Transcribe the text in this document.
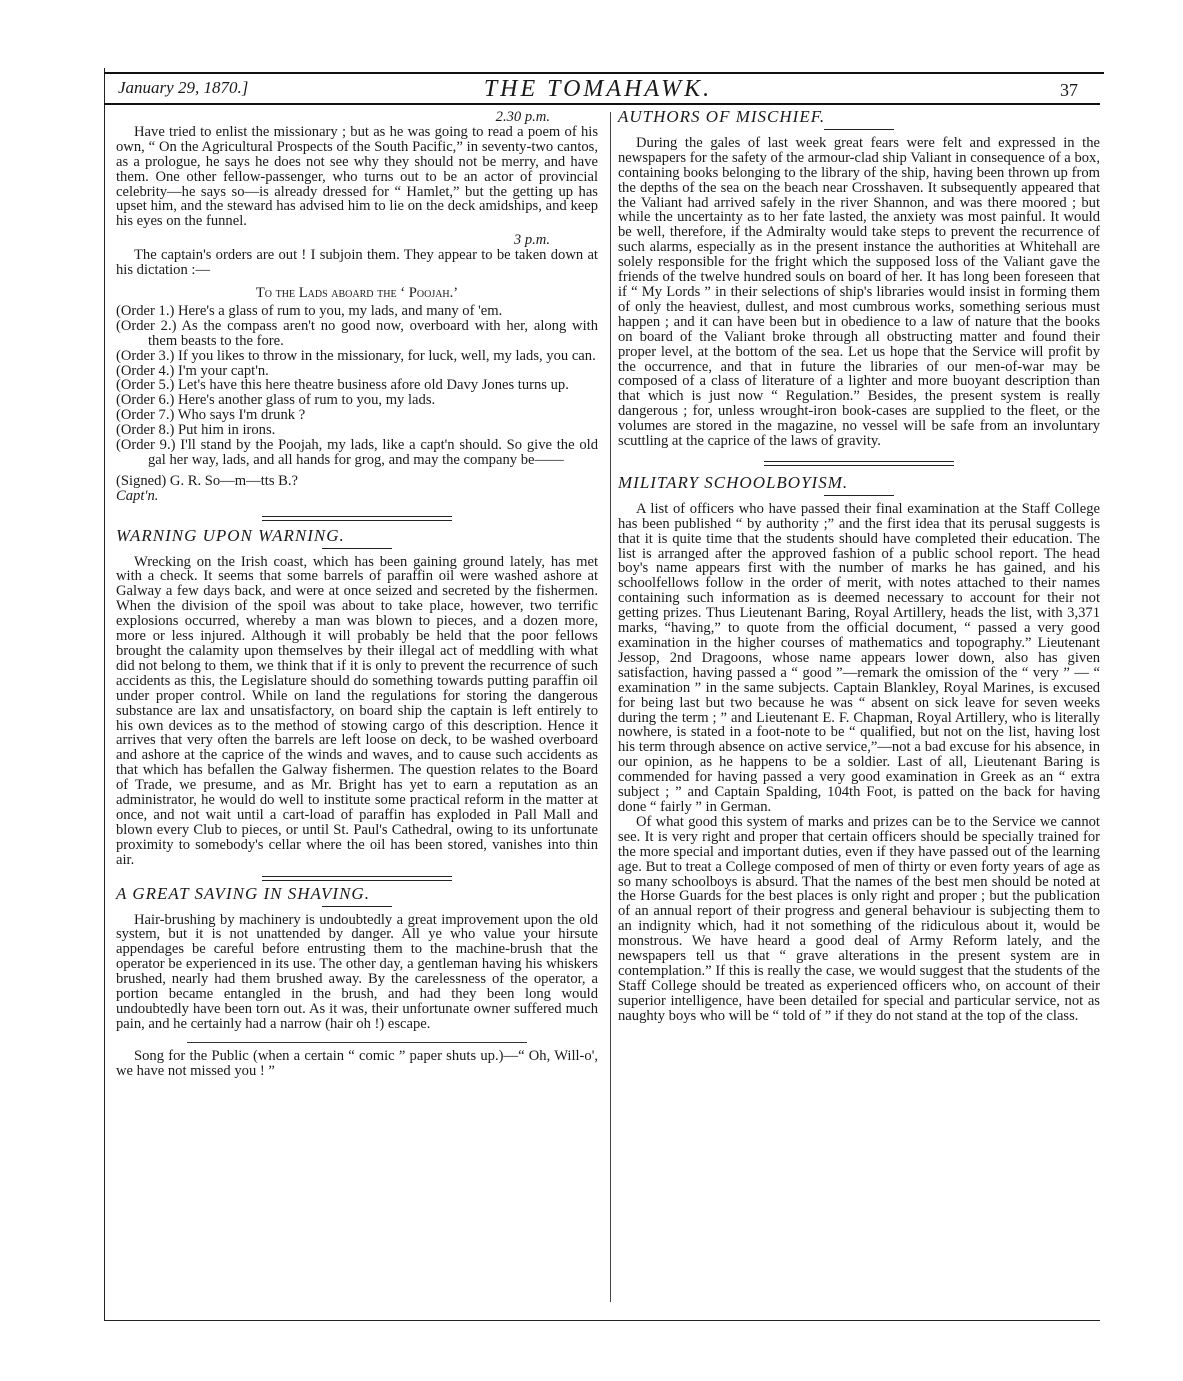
January 29, 1870.]	THE TOMAHAWK.	37

2.30 p.m.

Have tried to enlist the missionary ; but as he was going to read a poem of his own, “ On the Agricultural Prospects of the South Pacific,” in seventy-two cantos, as a prologue, he says he does not see why they should not be merry, and have them. One other fellow-passenger, who turns out to be an actor of provincial celebrity—he says so—is already dressed for “ Hamlet,” but the getting up has upset him, and the steward has advised him to lie on the deck amidships, and keep his eyes on the funnel.

3 p.m.

The captain's orders are out ! I subjoin them. They appear to be taken down at his dictation :—

To the Lads aboard the ‘ Poojah.’

(Order 1.) Here's a glass of rum to you, my lads, and many of 'em.

(Order 2.) As the compass aren't no good now, overboard with her, along with them beasts to the fore.

(Order 3.) If you likes to throw in the missionary, for luck, well, my lads, you can.

(Order 4.) I'm your capt'n.

(Order 5.) Let's have this here theatre business afore old Davy Jones turns up.

(Order 6.) Here's another glass of rum to you, my lads.

(Order 7.) Who says I'm drunk ?

(Order 8.) Put him in irons.

(Order 9.) I'll stand by the Poojah, my lads, like a capt'n should. So give the old gal her way, lads, and all hands for grog, and may the company be——

(Signed) G. R. So—m—tts B.?

Capt'n.

WARNING UPON WARNING.

Wrecking on the Irish coast, which has been gaining ground lately, has met with a check. It seems that some barrels of paraffin oil were washed ashore at Galway a few days back, and were at once seized and secreted by the fishermen. When the division of the spoil was about to take place, however, two terrific explosions occurred, whereby a man was blown to pieces, and a dozen more, more or less injured. Although it will probably be held that the poor fellows brought the calamity upon themselves by their illegal act of meddling with what did not belong to them, we think that if it is only to prevent the recurrence of such accidents as this, the Legislature should do something towards putting paraffin oil under proper control. While on land the regulations for storing the dangerous substance are lax and unsatisfactory, on board ship the captain is left entirely to his own devices as to the method of stowing cargo of this description. Hence it arrives that very often the barrels are left loose on deck, to be washed overboard and ashore at the caprice of the winds and waves, and to cause such accidents as that which has befallen the Galway fishermen. The question relates to the Board of Trade, we presume, and as Mr. Bright has yet to earn a reputation as an administrator, he would do well to institute some practical reform in the matter at once, and not wait until a cart-load of paraffin has exploded in Pall Mall and blown every Club to pieces, or until St. Paul's Cathedral, owing to its unfortunate proximity to somebody's cellar where the oil has been stored, vanishes into thin air.

A GREAT SAVING IN SHAVING.

Hair-brushing by machinery is undoubtedly a great improvement upon the old system, but it is not unattended by danger. All ye who value your hirsute appendages be careful before entrusting them to the machine-brush that the operator be experienced in its use. The other day, a gentleman having his whiskers brushed, nearly had them brushed away. By the carelessness of the operator, a portion became entangled in the brush, and had they been long would undoubtedly have been torn out. As it was, their unfortunate owner suffered much pain, and he certainly had a narrow (hair oh !) escape.

Song for the Public (when a certain “ comic ” paper shuts up.)—“ Oh, Will-o', we have not missed you ! ”

AUTHORS OF MISCHIEF.

During the gales of last week great fears were felt and expressed in the newspapers for the safety of the armour-clad ship Valiant in consequence of a box, containing books belonging to the library of the ship, having been thrown up from the depths of the sea on the beach near Crosshaven. It subsequently appeared that the Valiant had arrived safely in the river Shannon, and was there moored ; but while the uncertainty as to her fate lasted, the anxiety was most painful. It would be well, therefore, if the Admiralty would take steps to prevent the recurrence of such alarms, especially as in the present instance the authorities at Whitehall are solely responsible for the fright which the supposed loss of the Valiant gave the friends of the twelve hundred souls on board of her. It has long been foreseen that if “ My Lords ” in their selections of ship's libraries would insist in forming them of only the heaviest, dullest, and most cumbrous works, something serious must happen ; and it can have been but in obedience to a law of nature that the books on board of the Valiant broke through all obstructing matter and found their proper level, at the bottom of the sea. Let us hope that the Service will profit by the occurrence, and that in future the libraries of our men-of-war may be composed of a class of literature of a lighter and more buoyant description than that which is just now “ Regulation.” Besides, the present system is really dangerous ; for, unless wrought-iron book-cases are supplied to the fleet, or the volumes are stored in the magazine, no vessel will be safe from an involuntary scuttling at the caprice of the laws of gravity.

MILITARY SCHOOLBOYISM.

A list of officers who have passed their final examination at the Staff College has been published “ by authority ;” and the first idea that its perusal suggests is that it is quite time that the students should have completed their education. The list is arranged after the approved fashion of a public school report. The head boy's name appears first with the number of marks he has gained, and his schoolfellows follow in the order of merit, with notes attached to their names containing such information as is deemed necessary to account for their not getting prizes. Thus Lieutenant Baring, Royal Artillery, heads the list, with 3,371 marks, “having,” to quote from the official document, “ passed a very good examination in the higher courses of mathematics and topography.” Lieutenant Jessop, 2nd Dragoons, whose name appears lower down, also has given satisfaction, having passed a “ good ”—remark the omission of the “ very ” — “ examination ” in the same subjects. Captain Blankley, Royal Marines, is excused for being last but two because he was “ absent on sick leave for seven weeks during the term ; ” and Lieutenant E. F. Chapman, Royal Artillery, who is literally nowhere, is stated in a foot-note to be “ qualified, but not on the list, having lost his term through absence on active service,”—not a bad excuse for his absence, in our opinion, as he happens to be a soldier. Last of all, Lieutenant Baring is commended for having passed a very good examination in Greek as an “ extra subject ; ” and Captain Spalding, 104th Foot, is patted on the back for having done “ fairly ” in German.

Of what good this system of marks and prizes can be to the Service we cannot see. It is very right and proper that certain officers should be specially trained for the more special and important duties, even if they have passed out of the learning age. But to treat a College composed of men of thirty or even forty years of age as so many schoolboys is absurd. That the names of the best men should be noted at the Horse Guards for the best places is only right and proper ; but the publication of an annual report of their progress and general behaviour is subjecting them to an indignity which, had it not something of the ridiculous about it, would be monstrous. We have heard a good deal of Army Reform lately, and the newspapers tell us that “ grave alterations in the present system are in contemplation.” If this is really the case, we would suggest that the students of the Staff College should be treated as experienced officers who, on account of their superior intelligence, have been detailed for special and particular service, not as naughty boys who will be “ told of ” if they do not stand at the top of the class.
